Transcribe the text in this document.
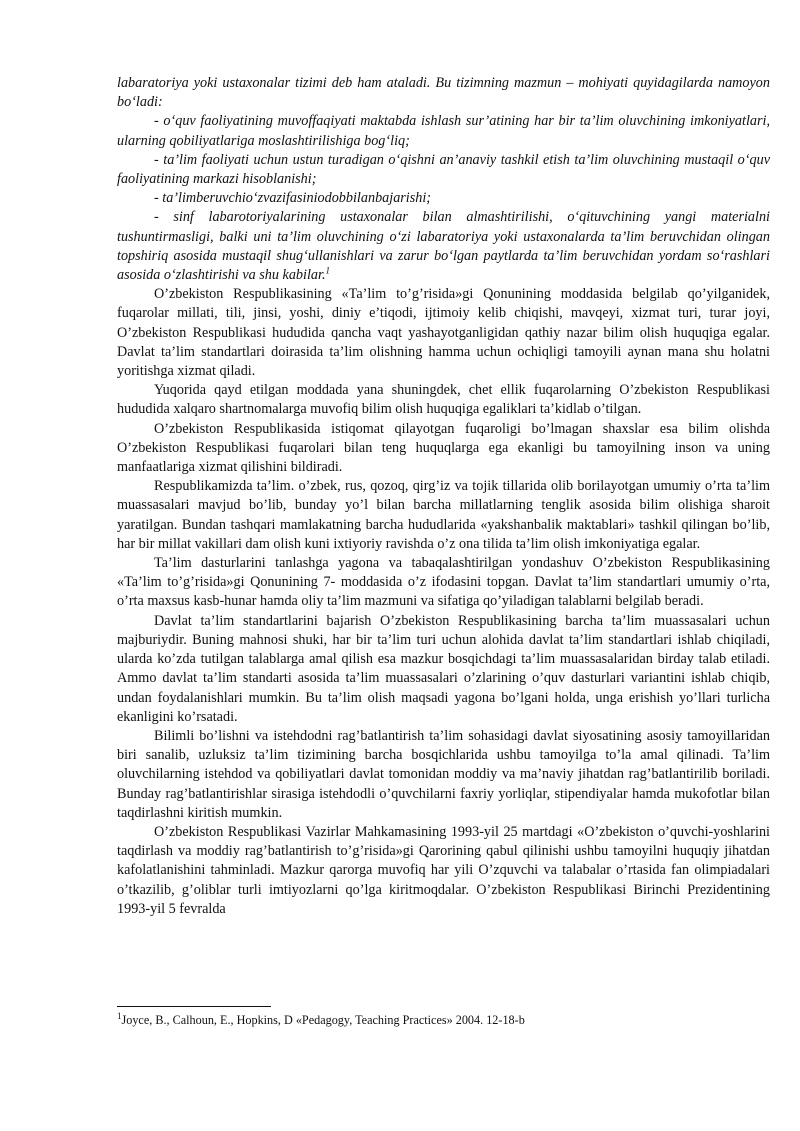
labaratoriya yoki ustaxonalar tizimi deb ham ataladi. Bu tizimning mazmun – mohiyati quyidagilarda namoyon bo‘ladi:

- o‘quv faoliyatining muvoffaqiyati maktabda ishlash sur’atining har bir ta’lim oluvchining imkoniyatlari, ularning qobiliyatlariga moslashtirilishiga bog‘liq;

- ta’lim faoliyati uchun ustun turadigan o‘qishni an’anaviy tashkil etish ta’lim oluvchining mustaqil o‘quv faoliyatining markazi hisoblanishi;

- ta’limberuvchio‘zvazifasiniodobbilanbajarishi;

- sinf labarotoriyalarining ustaxonalar bilan almashtirilishi, o‘qituvchining yangi materialni tushuntirmasligi, balki uni ta’lim oluvchining o‘zi labaratoriya yoki ustaxonalarda ta’lim beruvchidan olingan topshiriq asosida mustaqil shug‘ullanishlari va zarur bo‘lgan paytlarda ta’lim beruvchidan yordam so‘rashlari asosida o‘zlashtirishi va shu kabilar.$^1$

O’zbekiston Respublikasining «Ta’lim to’g’risida»gi Qonunining moddasida belgilab qo’yilganidek, fuqarolar millati, tili, jinsi, yoshi, diniy e’tiqodi, ijtimoiy kelib chiqishi, mavqeyi, xizmat turi, turar joyi, O’zbekiston Respublikasi hududida qancha vaqt yashayotganligidan qathiy nazar bilim olish huquqiga egalar. Davlat ta’lim standartlari doirasida ta’lim olishning hamma uchun ochiqligi tamoyili aynan mana shu holatni yoritishga xizmat qiladi.

Yuqorida qayd etilgan moddada yana shuningdek, chet ellik fuqarolarning O’zbekiston Respublikasi hududida xalqaro shartnomalarga muvofiq bilim olish huquqiga egaliklari ta’kidlab o’tilgan.

O’zbekiston Respublikasida istiqomat qilayotgan fuqaroligi bo’lmagan shaxslar esa bilim olishda O’zbekiston Respublikasi fuqarolari bilan teng huquqlarga ega ekanligi bu tamoyilning inson va uning manfaatlariga xizmat qilishini bildiradi.

Respublikamizda ta’lim. o’zbek, rus, qozoq, qirg’iz va tojik tillarida olib borilayotgan umumiy o’rta ta’lim muassasalari mavjud bo’lib, bunday yo’l bilan barcha millatlarning tenglik asosida bilim olishiga sharoit yaratilgan. Bundan tashqari mamlakatning barcha hududlarida «yakshanbalik maktablari» tashkil qilingan bo’lib, har bir millat vakillari dam olish kuni ixtiyoriy ravishda o’z ona tilida ta’lim olish imkoniyatiga egalar.

Ta’lim dasturlarini tanlashga yagona va tabaqalashtirilgan yondashuv O’zbekiston Respublikasining «Ta’lim to’g’risida»gi Qonunining 7- moddasida o’z ifodasini topgan. Davlat ta’lim standartlari umumiy o’rta, o’rta maxsus kasb-hunar hamda oliy ta’lim mazmuni va sifatiga qo’yiladigan talablarni belgilab beradi.

Davlat ta’lim standartlarini bajarish O’zbekiston Respublikasining barcha ta’lim muassasalari uchun majburiydir. Buning mahnosi shuki, har bir ta’lim turi uchun alohida davlat ta’lim standartlari ishlab chiqiladi, ularda ko’zda tutilgan talablarga amal qilish esa mazkur bosqichdagi ta’lim muassasalaridan birday talab etiladi. Ammo davlat ta’lim standarti asosida ta’lim muassasalari o’zlarining o’quv dasturlari variantini ishlab chiqib, undan foydalanishlari mumkin. Bu ta’lim olish maqsadi yagona bo’lgani holda, unga erishish yo’llari turlicha ekanligini ko’rsatadi.

Bilimli bo’lishni va istehdodni rag’batlantirish ta’lim sohasidagi davlat siyosatining asosiy tamoyillaridan biri sanalib, uzluksiz ta’lim tizimining barcha bosqichlarida ushbu tamoyilga to’la amal qilinadi. Ta’lim oluvchilarning istehdod va qobiliyatlari davlat tomonidan moddiy va ma’naviy jihatdan rag’batlantirilib boriladi. Bunday rag’batlantirishlar sirasiga istehdodli o’quvchilarni faxriy yorliqlar, stipendiyalar hamda mukofotlar bilan taqdirlashni kiritish mumkin.

O’zbekiston Respublikasi Vazirlar Mahkamasining 1993-yil 25 martdagi «O’zbekiston o’quvchi-yoshlarini taqdirlash va moddiy rag’batlantirish to’g’risida»gi Qarorining qabul qilinishi ushbu tamoyilni huquqiy jihatdan kafolatlanishini tahminladi. Mazkur qarorga muvofiq har yili O’zquvchi va talabalar o’rtasida fan olimpiadalari o’tkazilib, g’oliblar turli imtiyozlarni qo’lga kiritmoqdalar. O’zbekiston Respublikasi Birinchi Prezidentining 1993-yil 5 fevralda

$^1$Joyce, B., Calhoun, E., Hopkins, D «Pedagogy, Teaching Practices» 2004. 12-18-b
